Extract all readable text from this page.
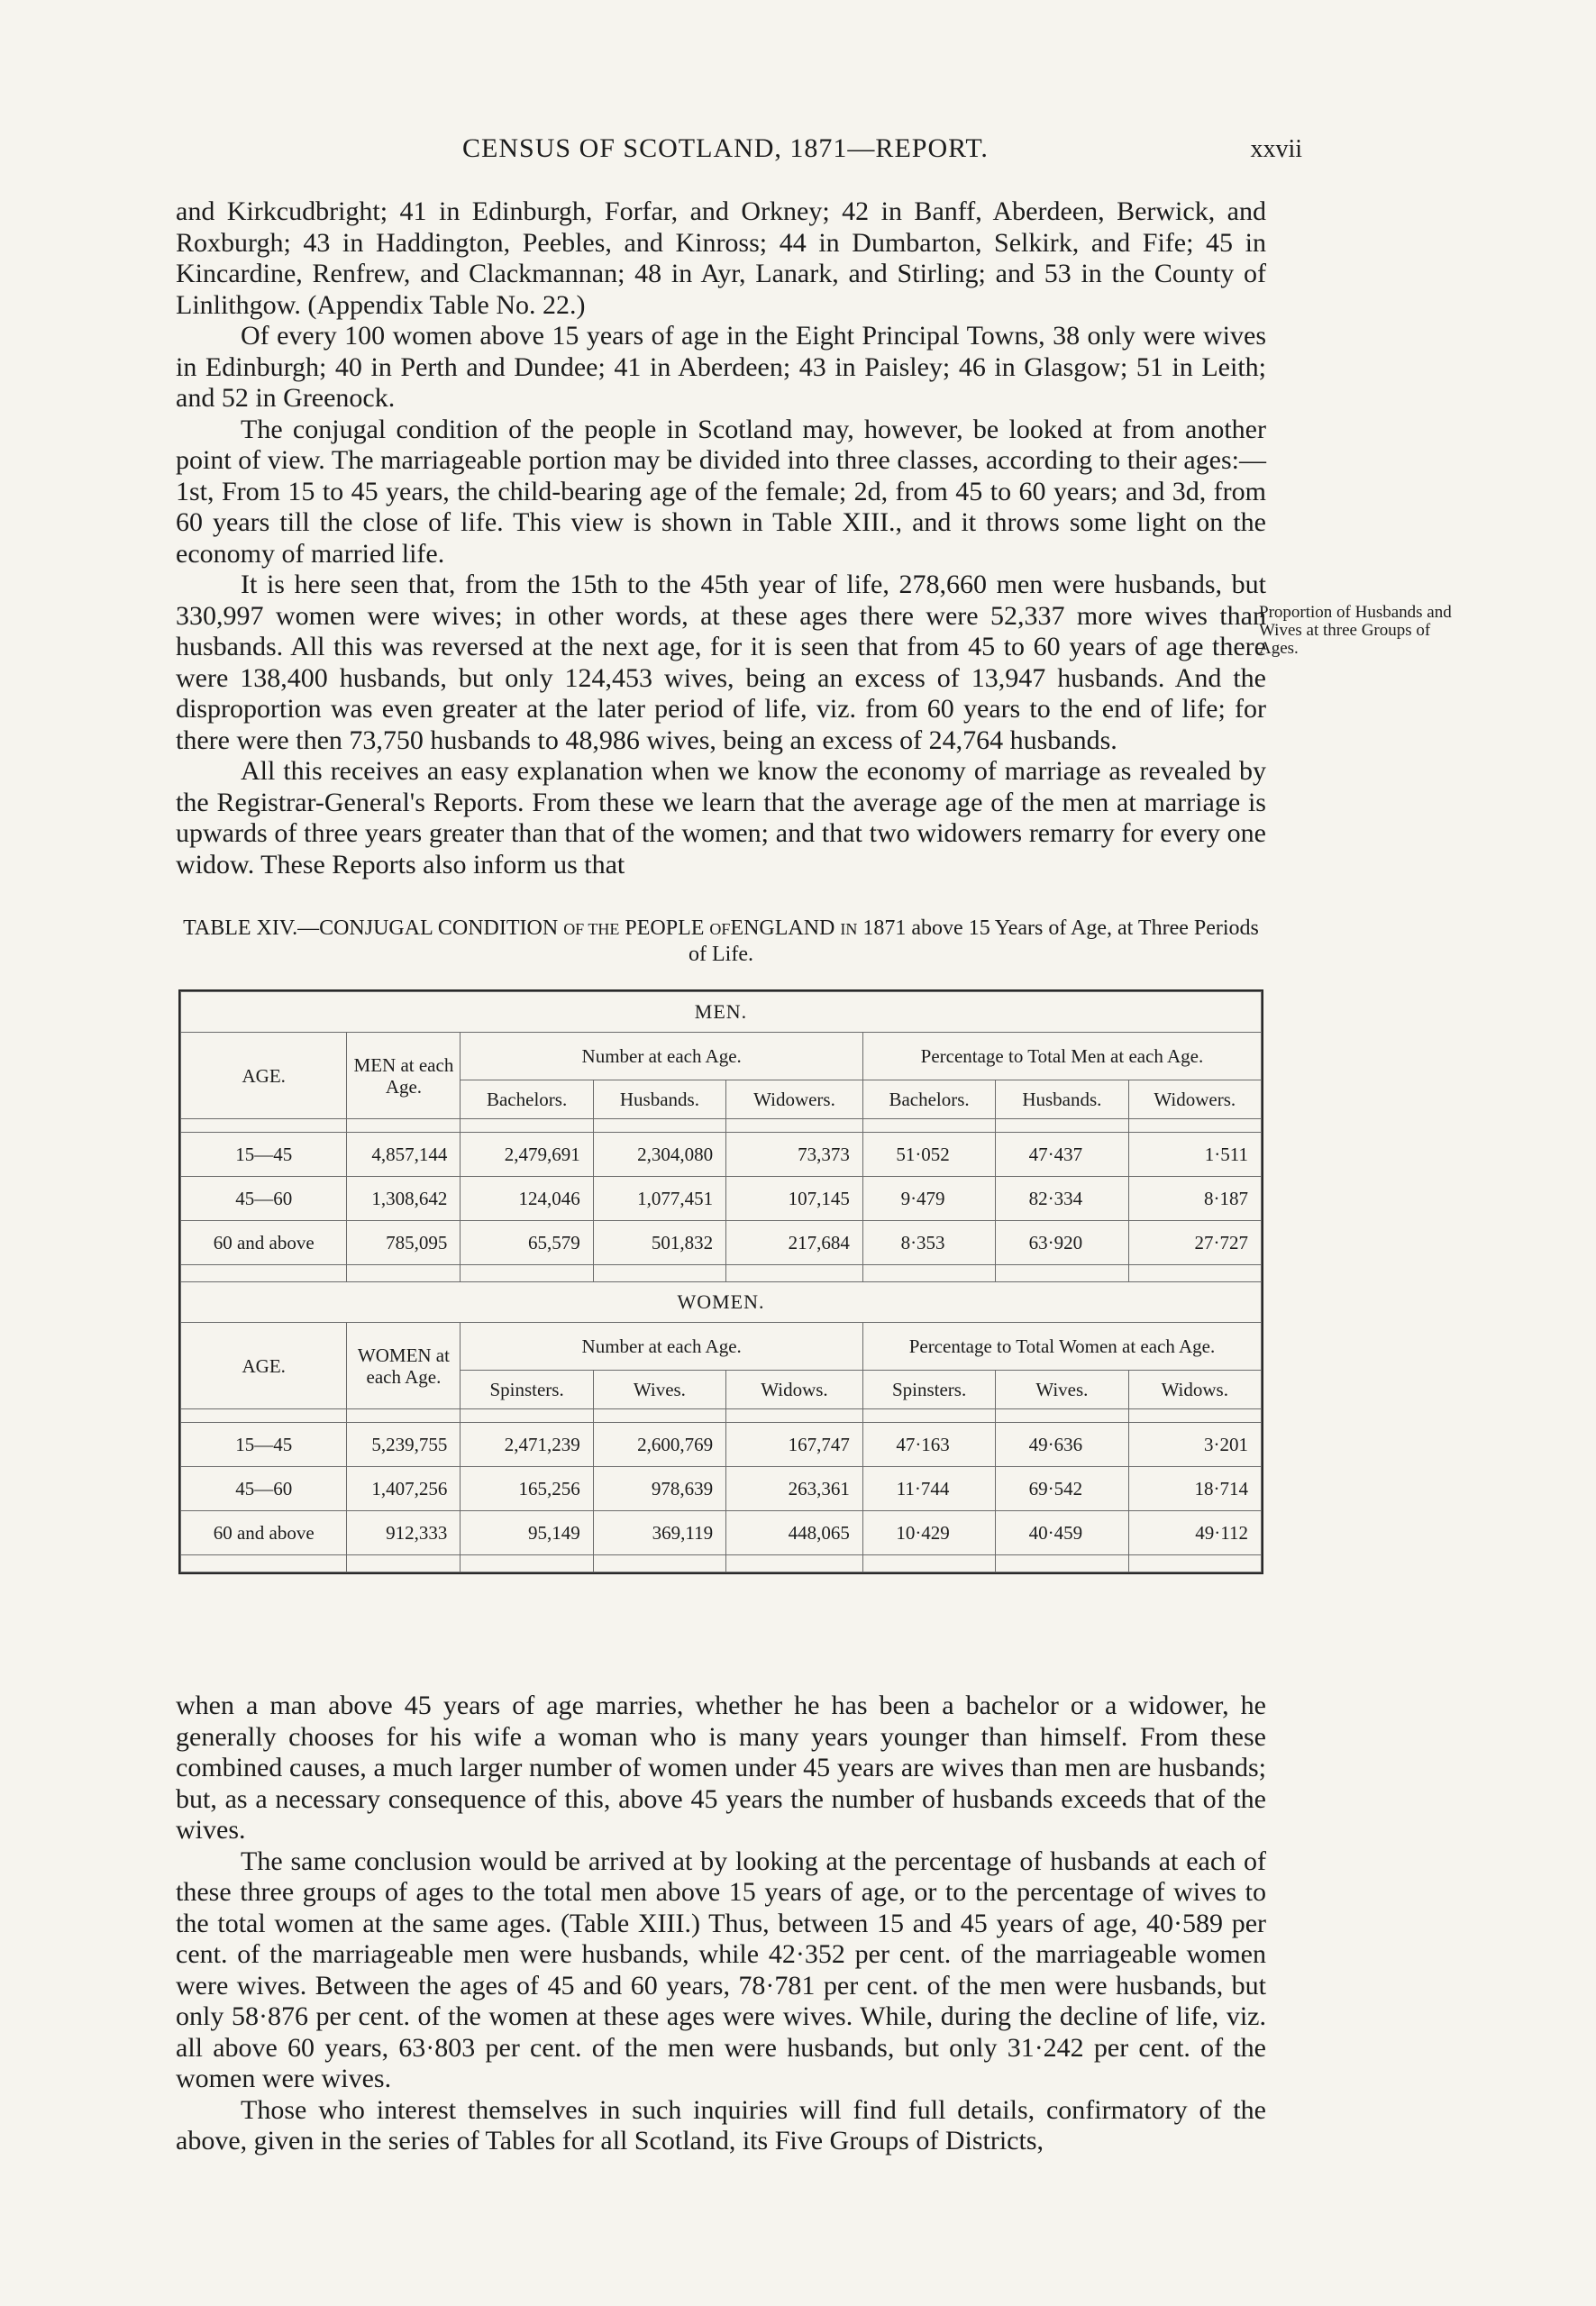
CENSUS OF SCOTLAND, 1871—REPORT.	xxvii

and Kirkcudbright; 41 in Edinburgh, Forfar, and Orkney; 42 in Banff, Aberdeen, Berwick, and Roxburgh; 43 in Haddington, Peebles, and Kinross; 44 in Dumbarton, Selkirk, and Fife; 45 in Kincardine, Renfrew, and Clackmannan; 48 in Ayr, Lanark, and Stirling; and 53 in the County of Linlithgow. (Appendix Table No. 22.)

Of every 100 women above 15 years of age in the Eight Principal Towns, 38 only were wives in Edinburgh; 40 in Perth and Dundee; 41 in Aberdeen; 43 in Paisley; 46 in Glasgow; 51 in Leith; and 52 in Greenock.

The conjugal condition of the people in Scotland may, however, be looked at from another point of view. The marriageable portion may be divided into three classes, according to their ages:—1st, From 15 to 45 years, the child-bearing age of the female; 2d, from 45 to 60 years; and 3d, from 60 years till the close of life. This view is shown in Table XIII., and it throws some light on the economy of married life.

It is here seen that, from the 15th to the 45th year of life, 278,660 men were husbands, but 330,997 women were wives; in other words, at these ages there were 52,337 more wives than husbands. All this was reversed at the next age, for it is seen that from 45 to 60 years of age there were 138,400 husbands, but only 124,453 wives, being an excess of 13,947 husbands. And the disproportion was even greater at the later period of life, viz. from 60 years to the end of life; for there were then 73,750 husbands to 48,986 wives, being an excess of 24,764 husbands.

All this receives an easy explanation when we know the economy of marriage as revealed by the Registrar-General's Reports. From these we learn that the average age of the men at marriage is upwards of three years greater than that of the women; and that two widowers remarry for every one widow. These Reports also inform us that

Proportion of Husbands and Wives at three Groups of Ages.
TABLE XIV.—CONJUGAL CONDITION OF THE PEOPLE OFENGLAND IN 1871 above 15 Years of Age, at Three Periods of Life.
MEN.							
AGE.	MEN at each Age.	Number at each Age.			Percentage to Total Men at each Age.		
		Bachelors.	Husbands.	Widowers.	Bachelors.	Husbands.	Widowers.

15—45	4,857,144	2,479,691	2,304,080	73,373	51·052	47·437	1·511
45—60	1,308,642	124,046	1,077,451	107,145	9·479	82·334	8·187
60 and above	785,095	65,579	501,832	217,684	8·353	63·920	27·727

WOMEN.							
AGE.	WOMEN at each Age.	Number at each Age.			Percentage to Total Women at each Age.		
		Spinsters.	Wives.	Widows.	Spinsters.	Wives.	Widows.

15—45	5,239,755	2,471,239	2,600,769	167,747	47·163	49·636	3·201
45—60	1,407,256	165,256	978,639	263,361	11·744	69·542	18·714
60 and above	912,333	95,149	369,119	448,065	10·429	40·459	49·112

when a man above 45 years of age marries, whether he has been a bachelor or a widower, he generally chooses for his wife a woman who is many years younger than himself. From these combined causes, a much larger number of women under 45 years are wives than men are husbands; but, as a necessary consequence of this, above 45 years the number of husbands exceeds that of the wives.

The same conclusion would be arrived at by looking at the percentage of husbands at each of these three groups of ages to the total men above 15 years of age, or to the percentage of wives to the total women at the same ages. (Table XIII.) Thus, between 15 and 45 years of age, 40·589 per cent. of the marriageable men were husbands, while 42·352 per cent. of the marriageable women were wives. Between the ages of 45 and 60 years, 78·781 per cent. of the men were husbands, but only 58·876 per cent. of the women at these ages were wives. While, during the decline of life, viz. all above 60 years, 63·803 per cent. of the men were husbands, but only 31·242 per cent. of the women were wives.

Those who interest themselves in such inquiries will find full details, confirmatory of the above, given in the series of Tables for all Scotland, its Five Groups of Districts,
